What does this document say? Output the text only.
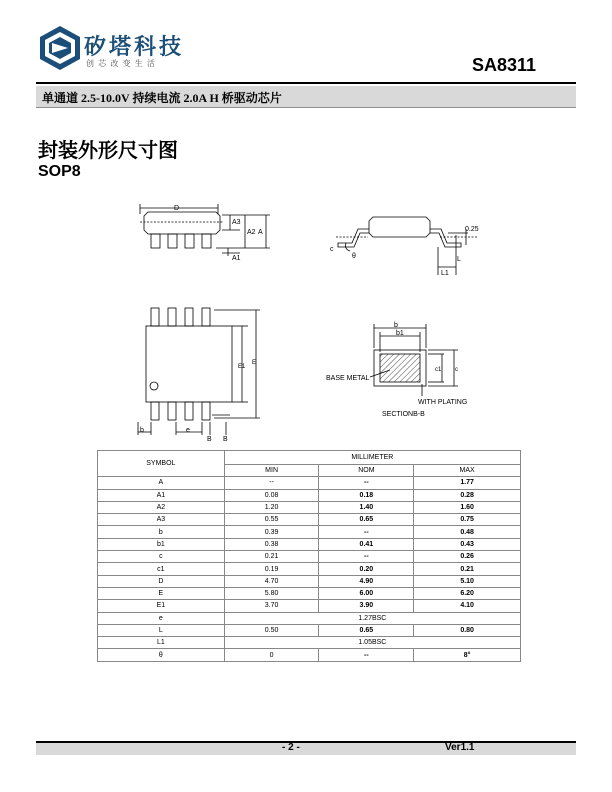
矽塔科技
创芯改变生活	SA8311
单通道 2.5-10.0V 持续电流 2.0A H 桥驱动芯片
封装外形尺寸图
SOP8
D
A3
A2 A
A1
c
θ
0.25
L1
L
E1
E
b	e
B B
b
b1
c1 c
BASE METAL
WITH PLATING
SECTIONB-B
SYMBOL	MILLIMETER		
	MIN	NOM	MAX
A	--	--	1.77
A1	0.08	0.18	0.28
A2	1.20	1.40	1.60
A3	0.55	0.65	0.75
b	0.39	--	0.48
b1	0.38	0.41	0.43
c	0.21	--	0.26
c1	0.19	0.20	0.21
D	4.70	4.90	5.10
E	5.80	6.00	6.20
E1	3.70	3.90	4.10
e	1.27BSC		
L	0.50	0.65	0.80
L1	1.05BSC		
θ	0	--	8°
- 2 -	Ver1.1
